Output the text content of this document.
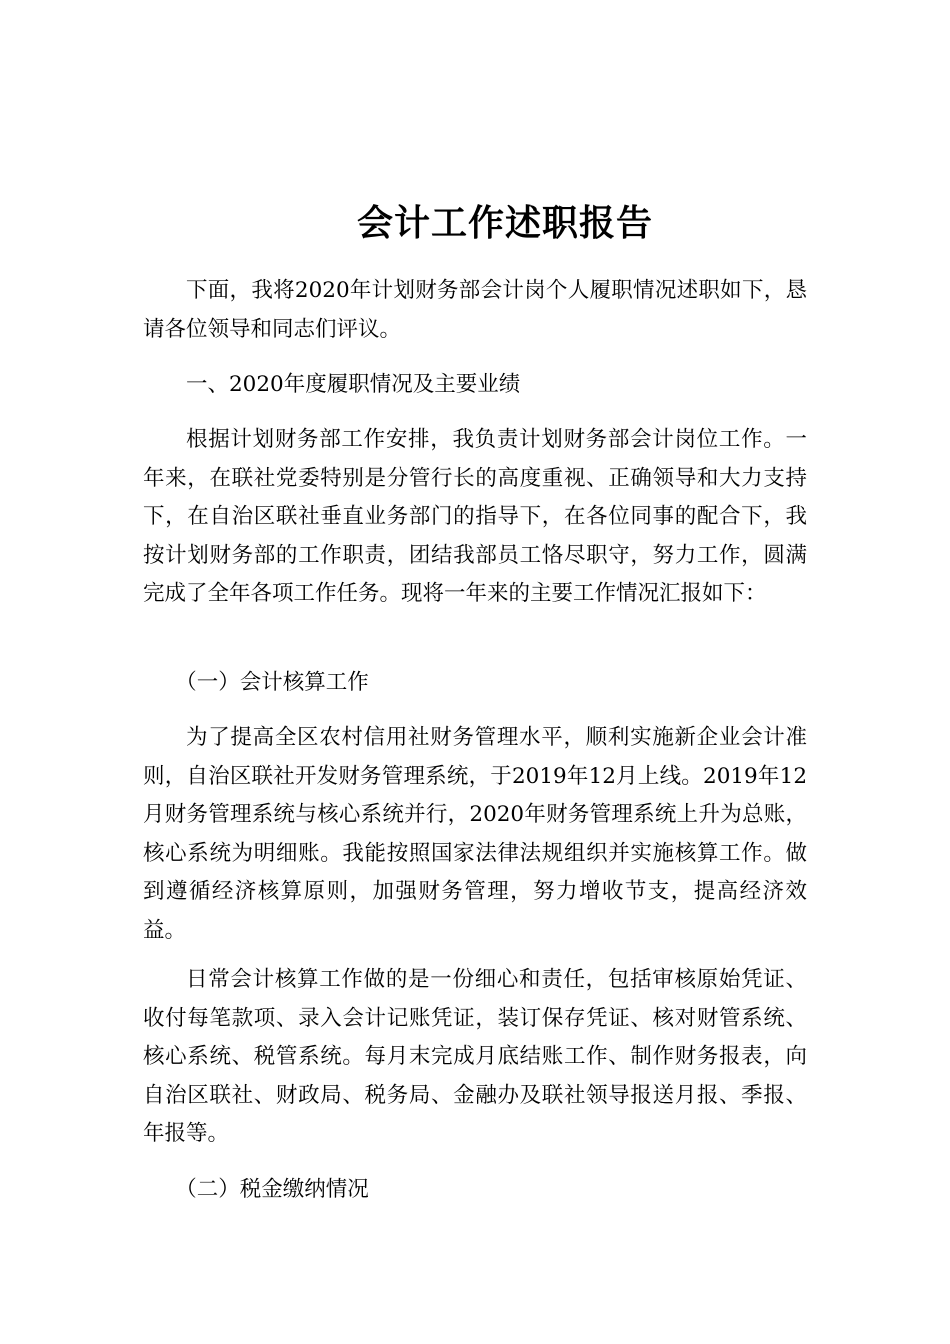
会计工作述职报告

下面，我将2020年计划财务部会计岗个人履职情况述职如下，恳请各位领导和同志们评议。

一、2020年度履职情况及主要业绩

根据计划财务部工作安排，我负责计划财务部会计岗位工作。一年来，在联社党委特别是分管行长的高度重视、正确领导和大力支持下，在自治区联社垂直业务部门的指导下，在各位同事的配合下，我按计划财务部的工作职责，团结我部员工恪尽职守，努力工作，圆满完成了全年各项工作任务。现将一年来的主要工作情况汇报如下：

（一）会计核算工作

为了提高全区农村信用社财务管理水平，顺利实施新企业会计准则，自治区联社开发财务管理系统，于2019年12月上线。2019年12月财务管理系统与核心系统并行，2020年财务管理系统上升为总账，核心系统为明细账。我能按照国家法律法规组织并实施核算工作。做到遵循经济核算原则，加强财务管理，努力增收节支，提高经济效益。

日常会计核算工作做的是一份细心和责任，包括审核原始凭证、收付每笔款项、录入会计记账凭证，装订保存凭证、核对财管系统、核心系统、税管系统。每月末完成月底结账工作、制作财务报表，向自治区联社、财政局、税务局、金融办及联社领导报送月报、季报、年报等。

（二）税金缴纳情况
